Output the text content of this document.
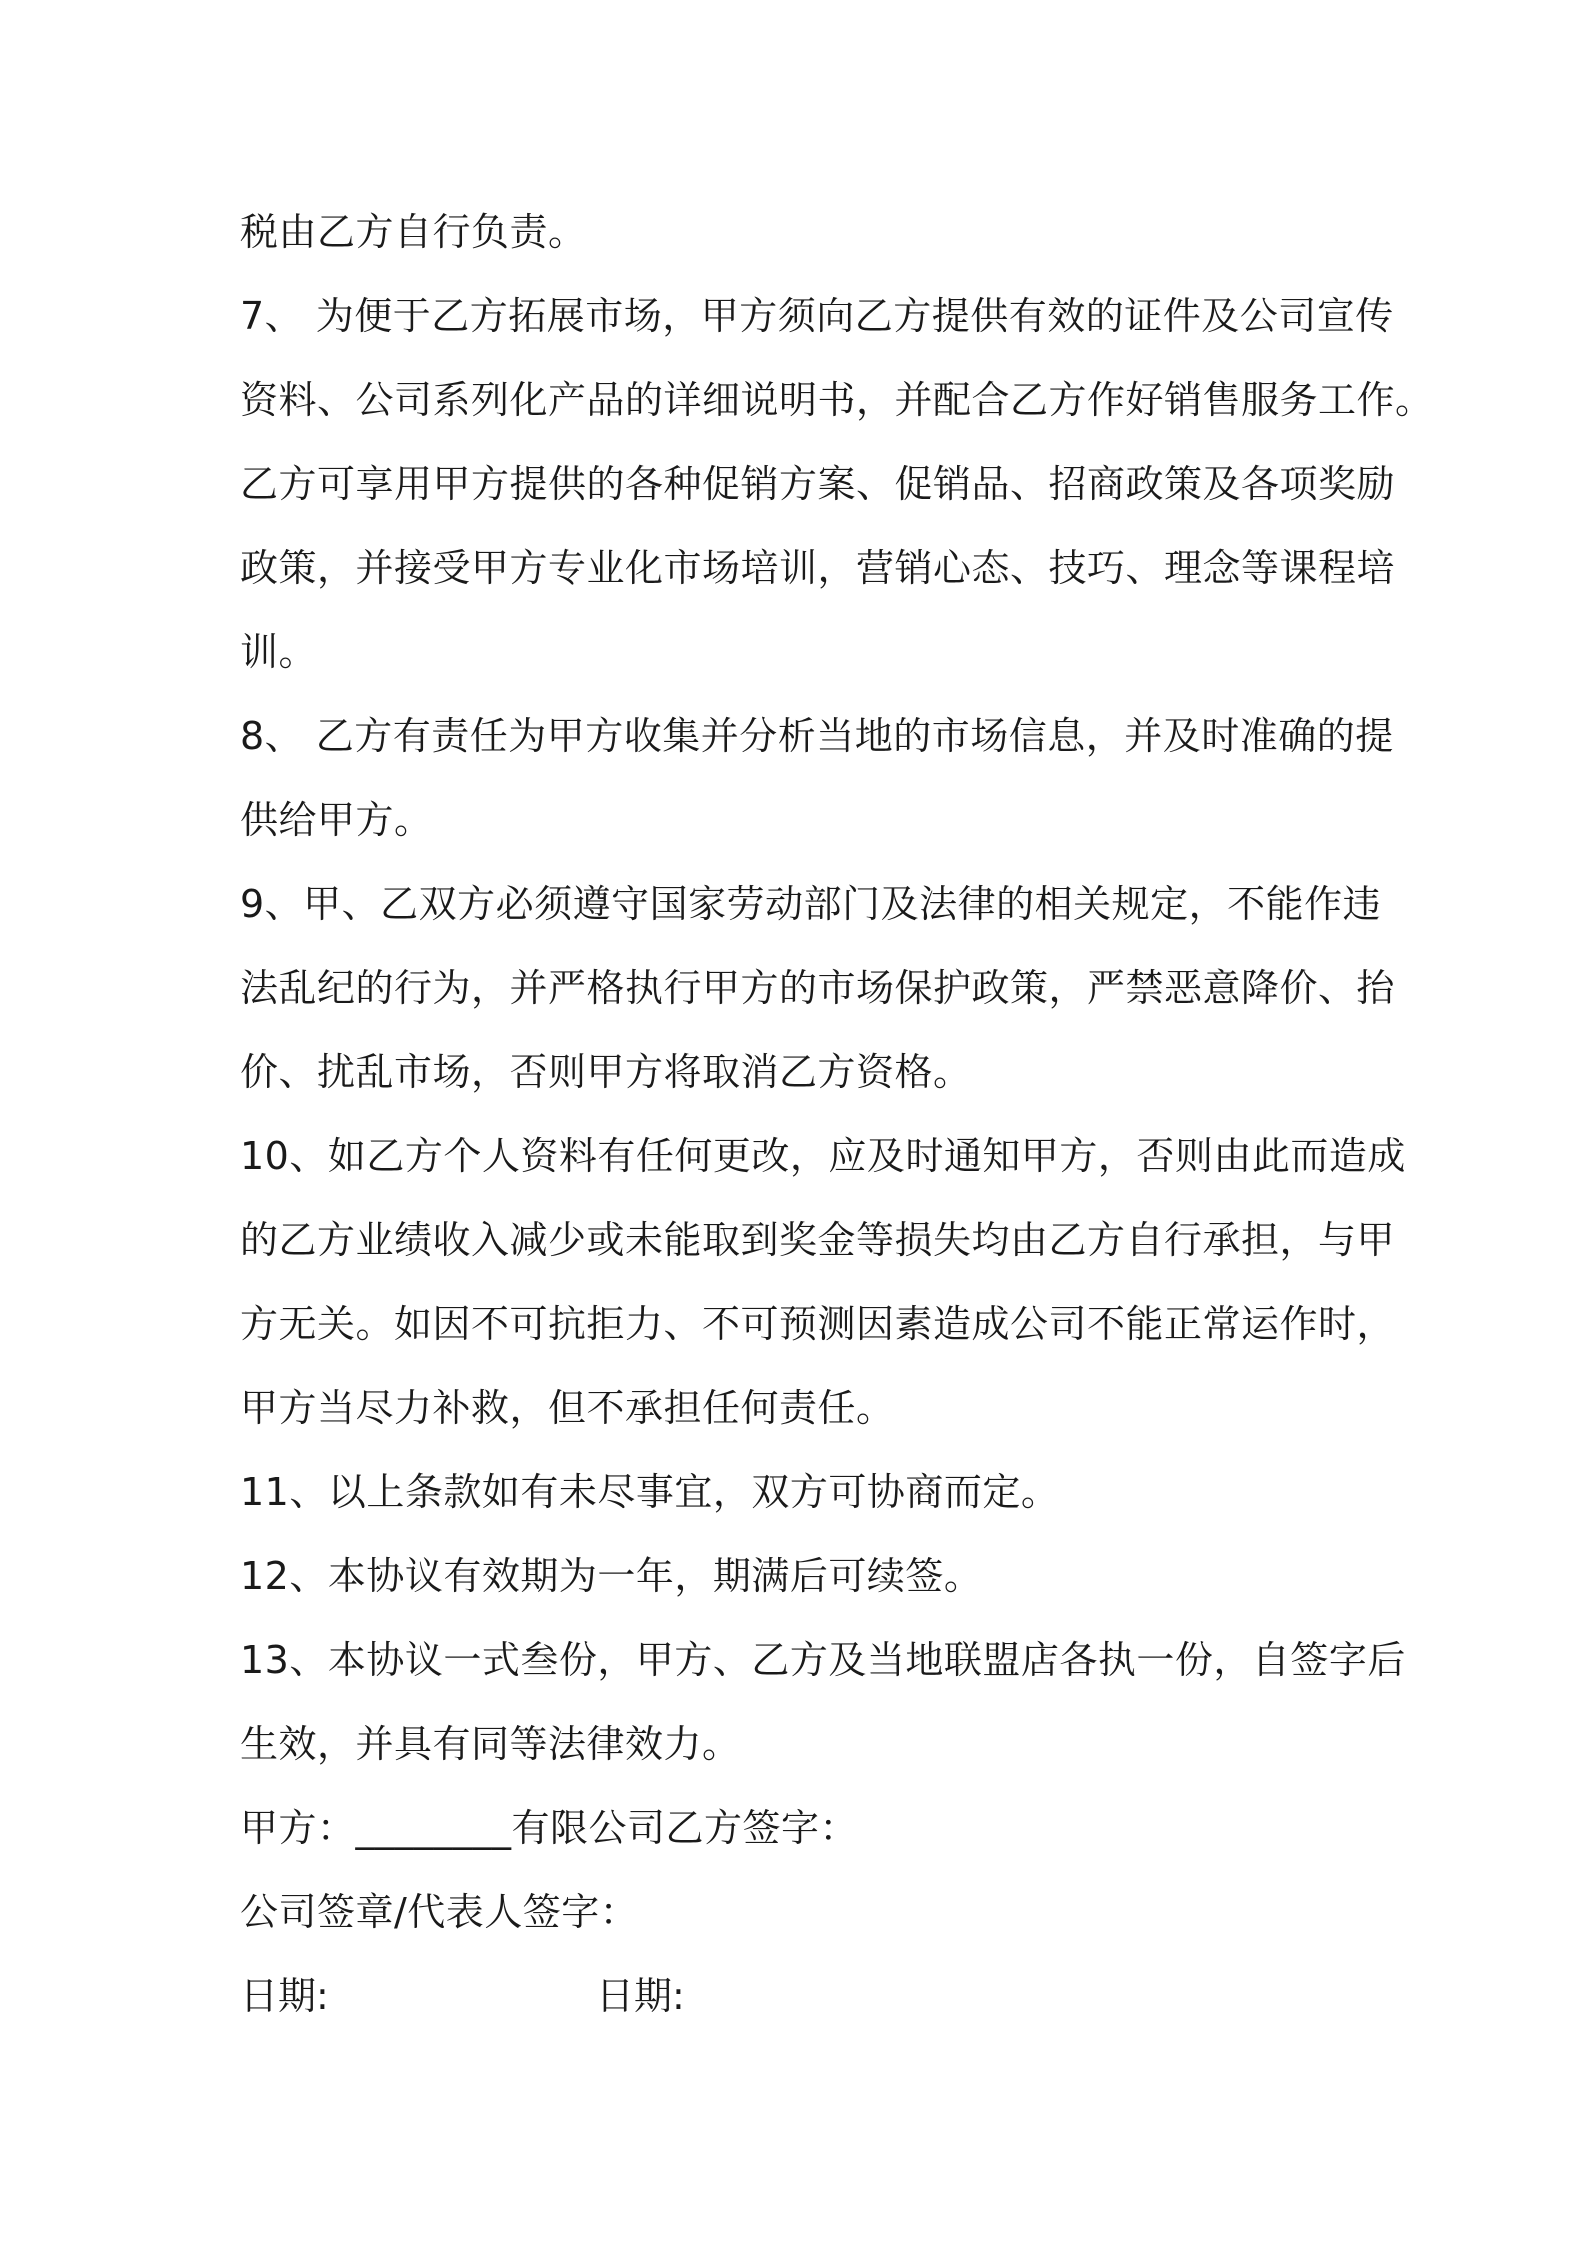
税由乙方自行负责。
7、 为便于乙方拓展市场，甲方须向乙方提供有效的证件及公司宣传
资料、公司系列化产品的详细说明书，并配合乙方作好销售服务工作。
乙方可享用甲方提供的各种促销方案、促销品、招商政策及各项奖励
政策，并接受甲方专业化市场培训，营销心态、技巧、理念等课程培
训。
8、 乙方有责任为甲方收集并分析当地的市场信息，并及时准确的提
供给甲方。
9、甲、乙双方必须遵守国家劳动部门及法律的相关规定，不能作违
法乱纪的行为，并严格执行甲方的市场保护政策，严禁恶意降价、抬
价、扰乱市场，否则甲方将取消乙方资格。
10、如乙方个人资料有任何更改，应及时通知甲方，否则由此而造成
的乙方业绩收入减少或未能取到奖金等损失均由乙方自行承担，与甲
方无关。如因不可抗拒力、不可预测因素造成公司不能正常运作时，
甲方当尽力补救，但不承担任何责任。
11、以上条款如有未尽事宜，双方可协商而定。
12、本协议有效期为一年，期满后可续签。
13、本协议一式叁份，甲方、乙方及当地联盟店各执一份，自签字后
生效，并具有同等法律效力。
甲方：________有限公司乙方签字：
公司签章/代表人签字：
日期:	日期:
